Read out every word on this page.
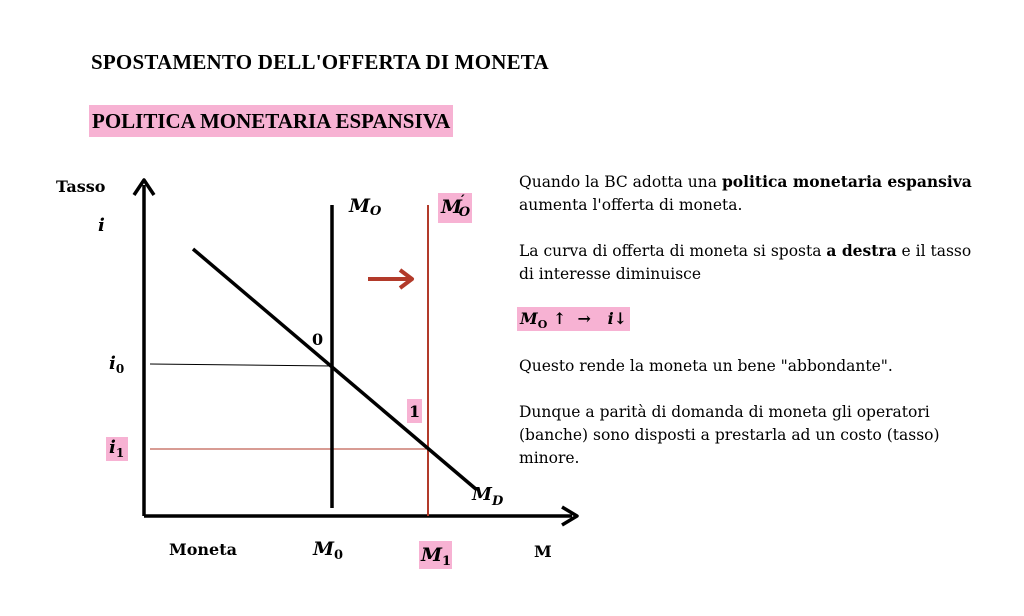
SPOSTAMENTO DELL'OFFERTA DI MONETA
POLITICA MONETARIA ESPANSIVA
Tasso
i
MO	M′ O
0
1
$i_0$
$i_1$
$M_D$
Moneta	$M_0$	$M_1$
M

Quando la BC adotta una politica monetaria espansiva aumenta l'offerta di moneta.

La curva di offerta di moneta si sposta a destra e il tasso di interesse diminuisce

$M_O$ ↑ → i↓

Questo rende la moneta un bene "abbondante".

Dunque a parità di domanda di moneta gli operatori (banche) sono disposti a prestarla ad un costo (tasso) minore.
